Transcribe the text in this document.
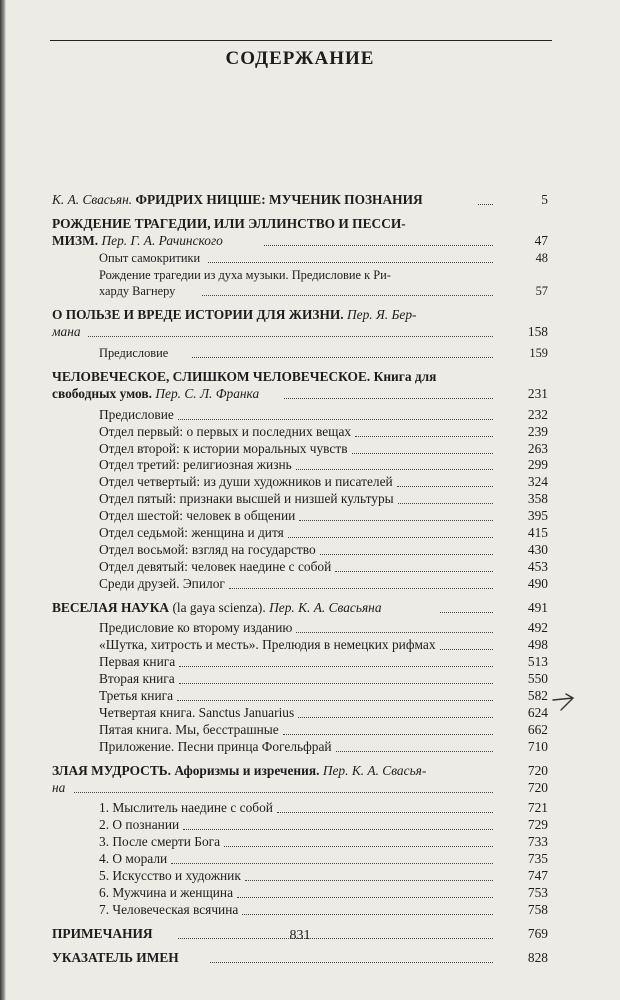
СОДЕРЖАНИЕ
К. А. Свасьян. ФРИДРИХ НИЦШЕ: МУЧЕНИК ПОЗНАНИЯ	5
РОЖДЕНИЕ ТРАГЕДИИ, ИЛИ ЭЛЛИНСТВО И ПЕССИ-
МИЗМ. Пер. Г. А. Рачинского	47
Опыт самокритики	48
Рождение трагедии из духа музыки. Предисловие к Ри-
харду Вагнеру	57
О ПОЛЬЗЕ И ВРЕДЕ ИСТОРИИ ДЛЯ ЖИЗНИ. Пер. Я. Бер-
мана	158
Предисловие	159
ЧЕЛОВЕЧЕСКОЕ, СЛИШКОМ ЧЕЛОВЕЧЕСКОЕ. Книга для
свободных умов. Пер. С. Л. Франка	231
Предисловие	232
Отдел первый: о первых и последних вещах	239
Отдел второй: к истории моральных чувств	263
Отдел третий: религиозная жизнь	299
Отдел четвертый: из души художников и писателей	324
Отдел пятый: признаки высшей и низшей культуры	358
Отдел шестой: человек в общении	395
Отдел седьмой: женщина и дитя	415
Отдел восьмой: взгляд на государство	430
Отдел девятый: человек наедине с собой	453
Среди друзей. Эпилог	490
ВЕСЕЛАЯ НАУКА (la gaya scienza). Пер. К. А. Свасьяна	491
Предисловие ко второму изданию	492
«Шутка, хитрость и месть». Прелюдия в немецких рифмах	498
Первая книга	513
Вторая книга	550
Третья книга	582
Четвертая книга. Sanctus Januarius	624
Пятая книга. Мы, бесстрашные	662
Приложение. Песни принца Фогельфрай	710
ЗЛАЯ МУДРОСТЬ. Афоризмы и изречения. Пер. К. А. Свасья-	720
на	720
1. Мыслитель наедине с собой	721
2. О познании	729
3. После смерти Бога	733
4. О морали	735
5. Искусство и художник	747
6. Мужчина и женщина	753
7. Человеческая всячина	758
ПРИМЕЧАНИЯ	769
УКАЗАТЕЛЬ ИМЕН	828
831
